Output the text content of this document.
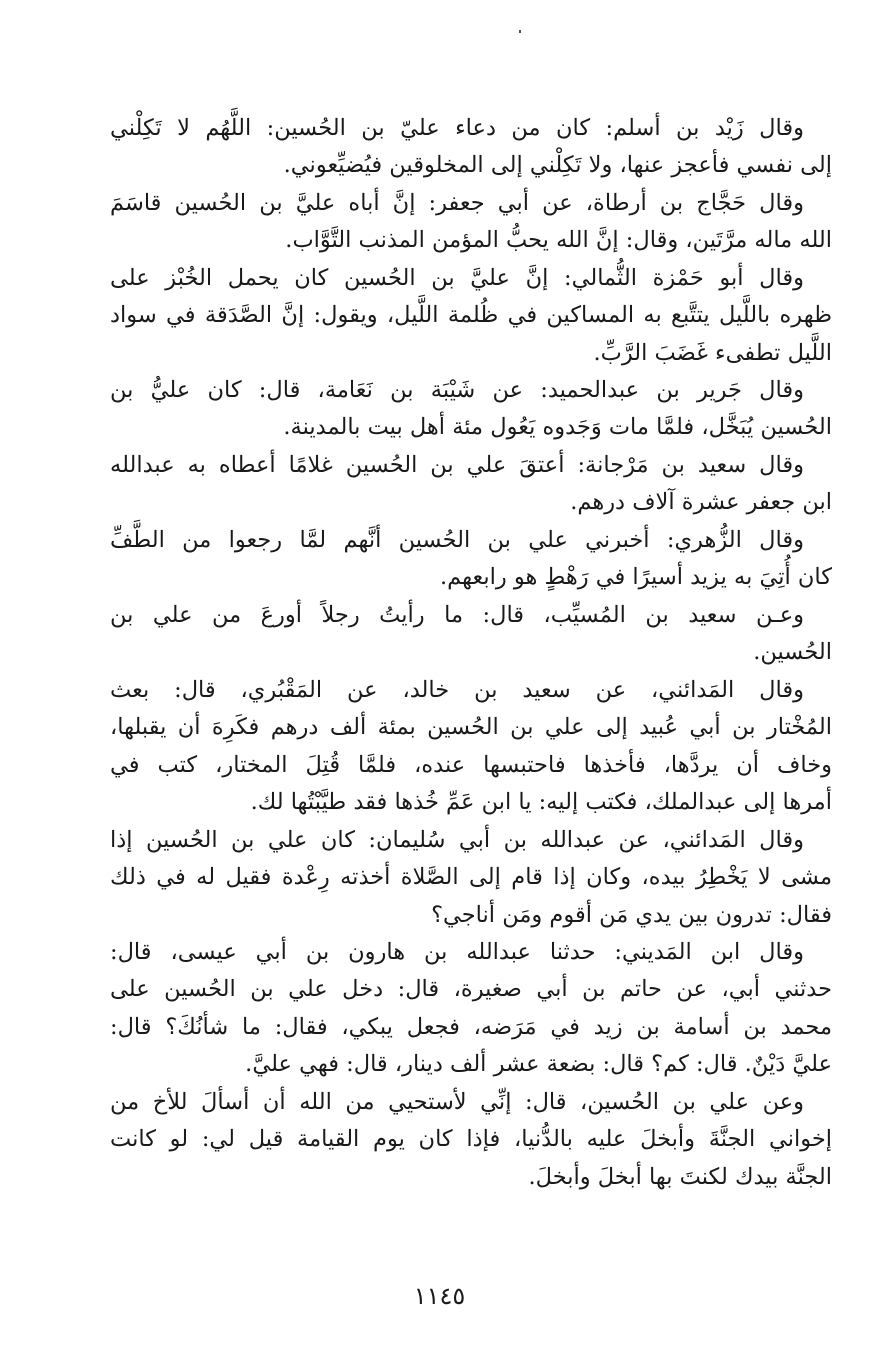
وقال زَيْد بن أسلم: كان من دعاء عليّ بن الحُسين: اللَّهُم لا تَكِلْني
إلى نفسي فأعجز عنها، ولا تَكِلْني إلى المخلوقين فيُضيِّعوني.
وقال حَجَّاج بن أرطاة، عن أبي جعفر: إنَّ أباه عليَّ بن الحُسين قاسَمَ
الله ماله مرَّتَين، وقال: إنَّ الله يحبُّ المؤمن المذنب التَّوَّاب.
وقال أبو حَمْزة الثُّمالي: إنَّ عليَّ بن الحُسين كان يحمل الخُبْز على
ظهره باللَّيل يتتَّبع به المساكين في ظُلمة اللَّيل، ويقول: إنَّ الصَّدَقة في سواد
اللَّيل تطفىء غَضَبَ الرَّبِّ.
وقال جَرير بن عبدالحميد: عن شَيْبَة بن نَعَامة، قال: كان عليُّ بن
الحُسين يُبَخَّل، فلمَّا مات وَجَدوه يَعُول مئة أهل بيت بالمدينة.
وقال سعيد بن مَرْجانة: أعتقَ علي بن الحُسين غلامًا أعطاه به عبدالله
ابن جعفر عشرة آلاف درهم.
وقال الزُّهري: أخبرني علي بن الحُسين أنَّهم لمَّا رجعوا من الطَّفِّ
كان أُتِيَ به يزيد أسيرًا في رَهْطٍ هو رابعهم.
وعـن سعيد بن المُسيِّب، قال: ما رأيتُ رجلاً أورعَ من علي بن
الحُسين.
وقال المَدائني، عن سعيد بن خالد، عن المَقْبُري، قال: بعث
المُخْتار بن أبي عُبيد إلى علي بن الحُسين بمئة ألف درهم فكَرِهَ أن يقبلها،
وخاف أن يردَّها، فأخذها فاحتبسها عنده، فلمَّا قُتِلَ المختار، كتب في
أمرها إلى عبدالملك، فكتب إليه: يا ابن عَمِّ خُذها فقد طيَّبْتُها لك.
وقال المَدائني، عن عبدالله بن أبي سُليمان: كان علي بن الحُسين إذا
مشى لا يَخْطِرُ بيده، وكان إذا قام إلى الصَّلاة أخذته رِعْدة فقيل له في ذلك
فقال: تدرون بين يدي مَن أقوم ومَن أناجي؟
وقال ابن المَديني: حدثنا عبدالله بن هارون بن أبي عيسى، قال:
حدثني أبي، عن حاتم بن أبي صغيرة، قال: دخل علي بن الحُسين على
محمد بن أسامة بن زيد في مَرَضه، فجعل يبكي، فقال: ما شأنُكَ؟ قال:
عليَّ دَيْنٌ. قال: كم؟ قال: بضعة عشر ألف دينار، قال: فهي عليَّ.
وعن علي بن الحُسين، قال: إنِّي لأستحيي من الله أن أسألَ للأخ من
إخواني الجنَّةَ وأبخلَ عليه بالدُّنيا، فإذا كان يوم القيامة قيل لي: لو كانت
الجنَّة بيدك لكنتَ بها أبخلَ وأبخلَ.
١١٤٥
